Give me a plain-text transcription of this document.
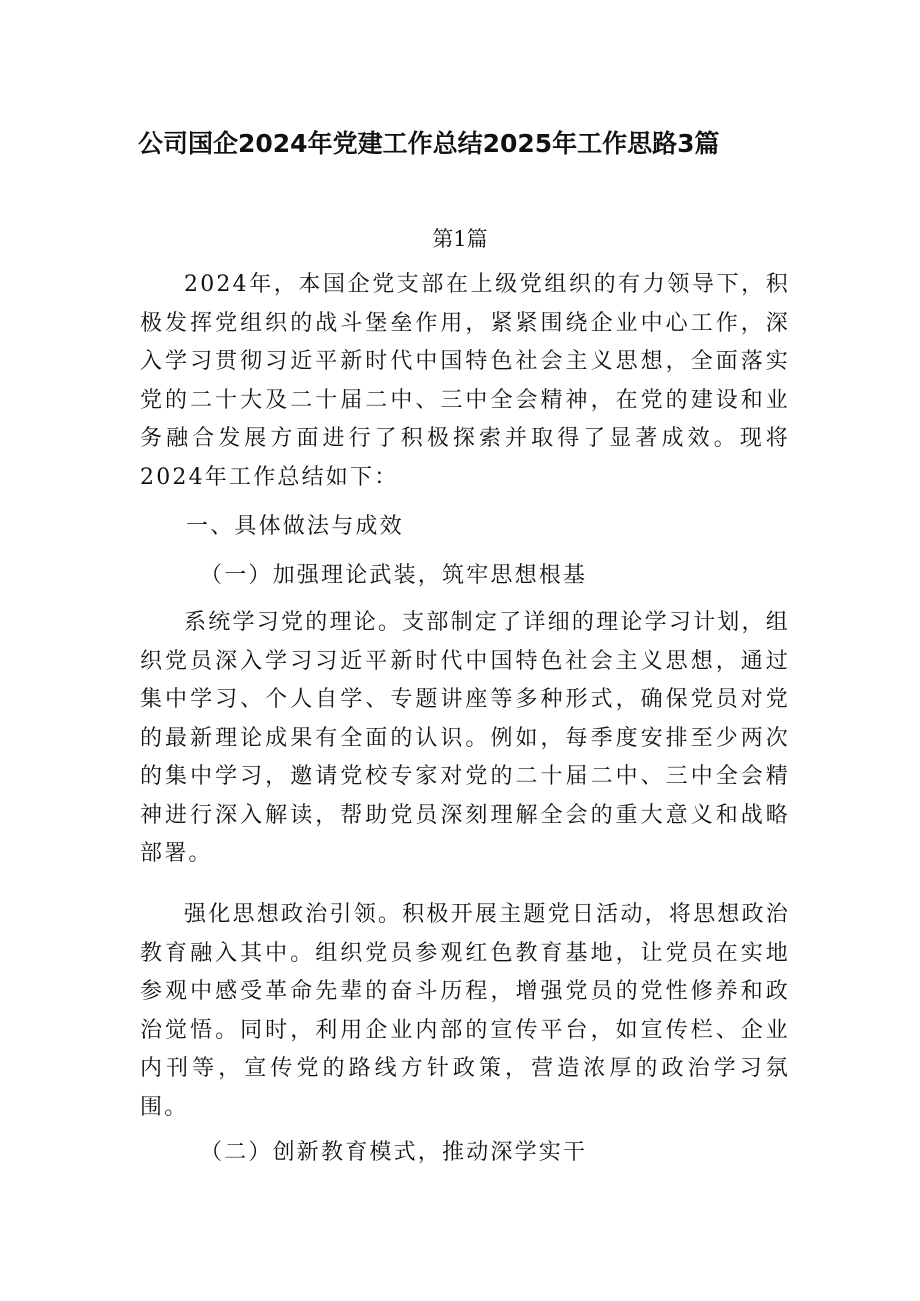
公司国企2024年党建工作总结2025年工作思路3篇

第1篇

2024年，本国企党支部在上级党组织的有力领导下，积极发挥党组织的战斗堡垒作用，紧紧围绕企业中心工作，深入学习贯彻习近平新时代中国特色社会主义思想，全面落实党的二十大及二十届二中、三中全会精神，在党的建设和业务融合发展方面进行了积极探索并取得了显著成效。现将2024年工作总结如下：

一、具体做法与成效

（一）加强理论武装，筑牢思想根基

系统学习党的理论。支部制定了详细的理论学习计划，组织党员深入学习习近平新时代中国特色社会主义思想，通过集中学习、个人自学、专题讲座等多种形式，确保党员对党的最新理论成果有全面的认识。例如，每季度安排至少两次的集中学习，邀请党校专家对党的二十届二中、三中全会精神进行深入解读，帮助党员深刻理解全会的重大意义和战略部署。

强化思想政治引领。积极开展主题党日活动，将思想政治教育融入其中。组织党员参观红色教育基地，让党员在实地参观中感受革命先辈的奋斗历程，增强党员的党性修养和政治觉悟。同时，利用企业内部的宣传平台，如宣传栏、企业内刊等，宣传党的路线方针政策，营造浓厚的政治学习氛围。

（二）创新教育模式，推动深学实干
